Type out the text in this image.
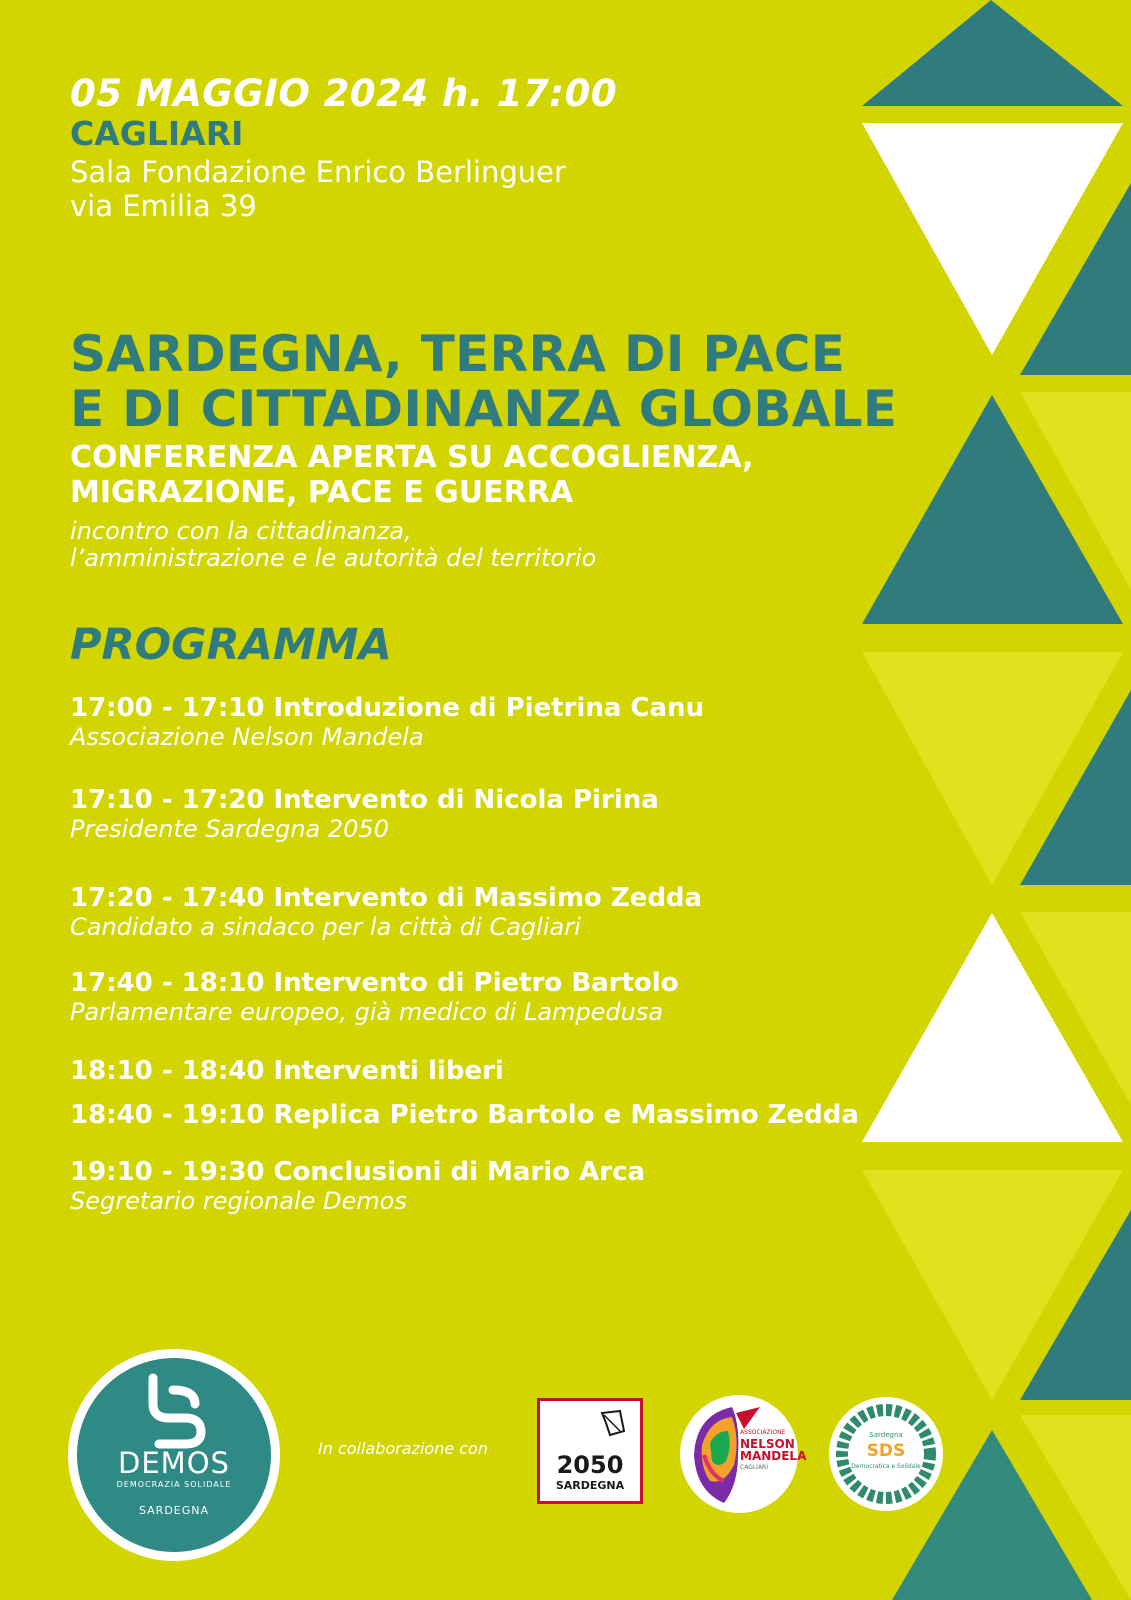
05 MAGGIO 2024 h. 17:00
CAGLIARI
Sala Fondazione Enrico Berlinguer
via Emilia 39
SARDEGNA, TERRA DI PACE
E DI CITTADINANZA GLOBALE
CONFERENZA APERTA SU ACCOGLIENZA,
MIGRAZIONE, PACE E GUERRA
incontro con la cittadinanza,
l’amministrazione e le autorità del territorio
PROGRAMMA
17:00 - 17:10 Introduzione di Pietrina Canu
Associazione Nelson Mandela
17:10 - 17:20 Intervento di Nicola Pirina
Presidente Sardegna 2050
17:20 - 17:40 Intervento di Massimo Zedda
Candidato a sindaco per la città di Cagliari
17:40 - 18:10 Intervento di Pietro Bartolo
Parlamentare europeo, già medico di Lampedusa
18:10 - 18:40 Interventi liberi
18:40 - 19:10 Replica Pietro Bartolo e Massimo Zedda
19:10 - 19:30 Conclusioni di Mario Arca
Segretario regionale Demos
DEMOS
DEMOCRAZIA SOLIDALE
SARDEGNA
In collaborazione con
2050
SARDEGNA
ASSOCIAZIONE
NELSON
MANDELA
CAGLIARI
Sardegna
SDS
Democratica e Solidale
